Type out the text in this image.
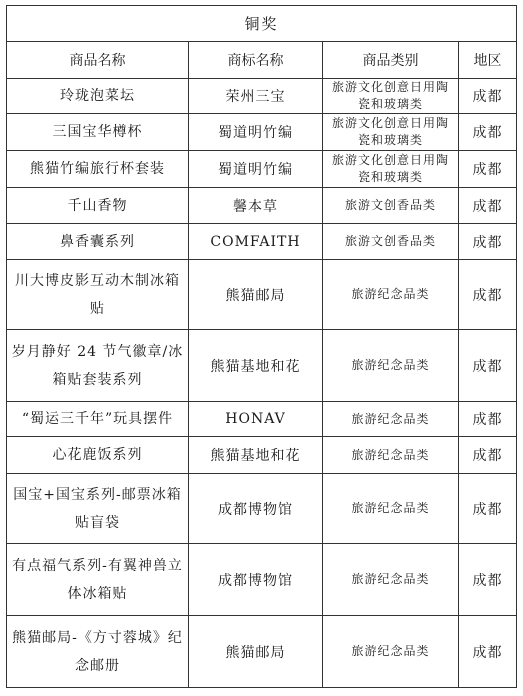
铜奖			
商品名称	商标名称	商品类别	地区
玲珑泡菜坛	荣州三宝	旅游文化创意日用陶瓷和玻璃类	成都
三国宝华樽杯	蜀道明竹编	旅游文化创意日用陶瓷和玻璃类	成都
熊猫竹编旅行杯套装	蜀道明竹编	旅游文化创意日用陶瓷和玻璃类	成都
千山香物	馨本草	旅游文创香品类	成都
鼻香囊系列	COMFAITH	旅游文创香品类	成都
川大博皮影互动木制冰箱贴	熊猫邮局	旅游纪念品类	成都
岁月静好 24 节气徽章/冰箱贴套装系列	熊猫基地和花	旅游纪念品类	成都
“蜀运三千年”玩具摆件	HONAV	旅游纪念品类	成都
心花鹿饭系列	熊猫基地和花	旅游纪念品类	成都
国宝+国宝系列-邮票冰箱贴盲袋	成都博物馆	旅游纪念品类	成都
有点福气系列-有翼神兽立体冰箱贴	成都博物馆	旅游纪念品类	成都
熊猫邮局-《方寸蓉城》纪念邮册	熊猫邮局	旅游纪念品类	成都
